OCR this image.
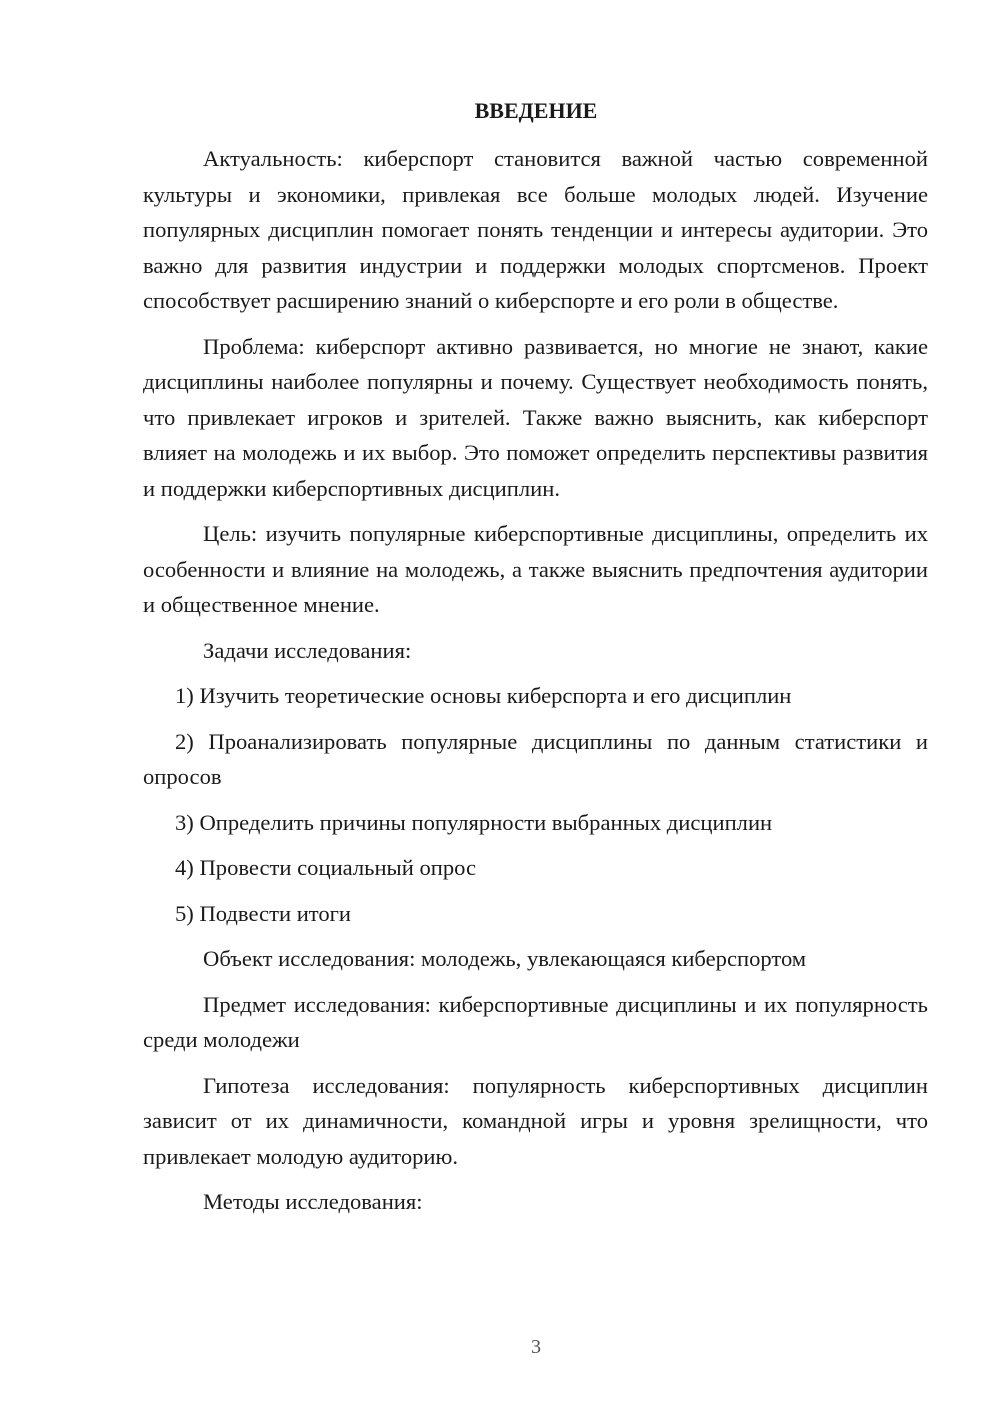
ВВЕДЕНИЕ

Актуальность: киберспорт становится важной частью современной культуры и экономики, привлекая все больше молодых людей. Изучение популярных дисциплин помогает понять тенденции и интересы аудитории. Это важно для развития индустрии и поддержки молодых спортсменов. Проект способствует расширению знаний о киберспорте и его роли в обществе.

Проблема: киберспорт активно развивается, но многие не знают, какие дисциплины наиболее популярны и почему. Существует необходимость понять, что привлекает игроков и зрителей. Также важно выяснить, как киберспорт влияет на молодежь и их выбор. Это поможет определить перспективы развития и поддержки киберспортивных дисциплин.

Цель: изучить популярные киберспортивные дисциплины, определить их особенности и влияние на молодежь, а также выяснить предпочтения аудитории и общественное мнение.

Задачи исследования:

1) Изучить теоретические основы киберспорта и его дисциплин

2) Проанализировать популярные дисциплины по данным статистики и опросов

3) Определить причины популярности выбранных дисциплин

4) Провести социальный опрос

5) Подвести итоги

Объект исследования: молодежь, увлекающаяся киберспортом

Предмет исследования: киберспортивные дисциплины и их популярность среди молодежи

Гипотеза исследования: популярность киберспортивных дисциплин зависит от их динамичности, командной игры и уровня зрелищности, что привлекает молодую аудиторию.

Методы исследования:

3
